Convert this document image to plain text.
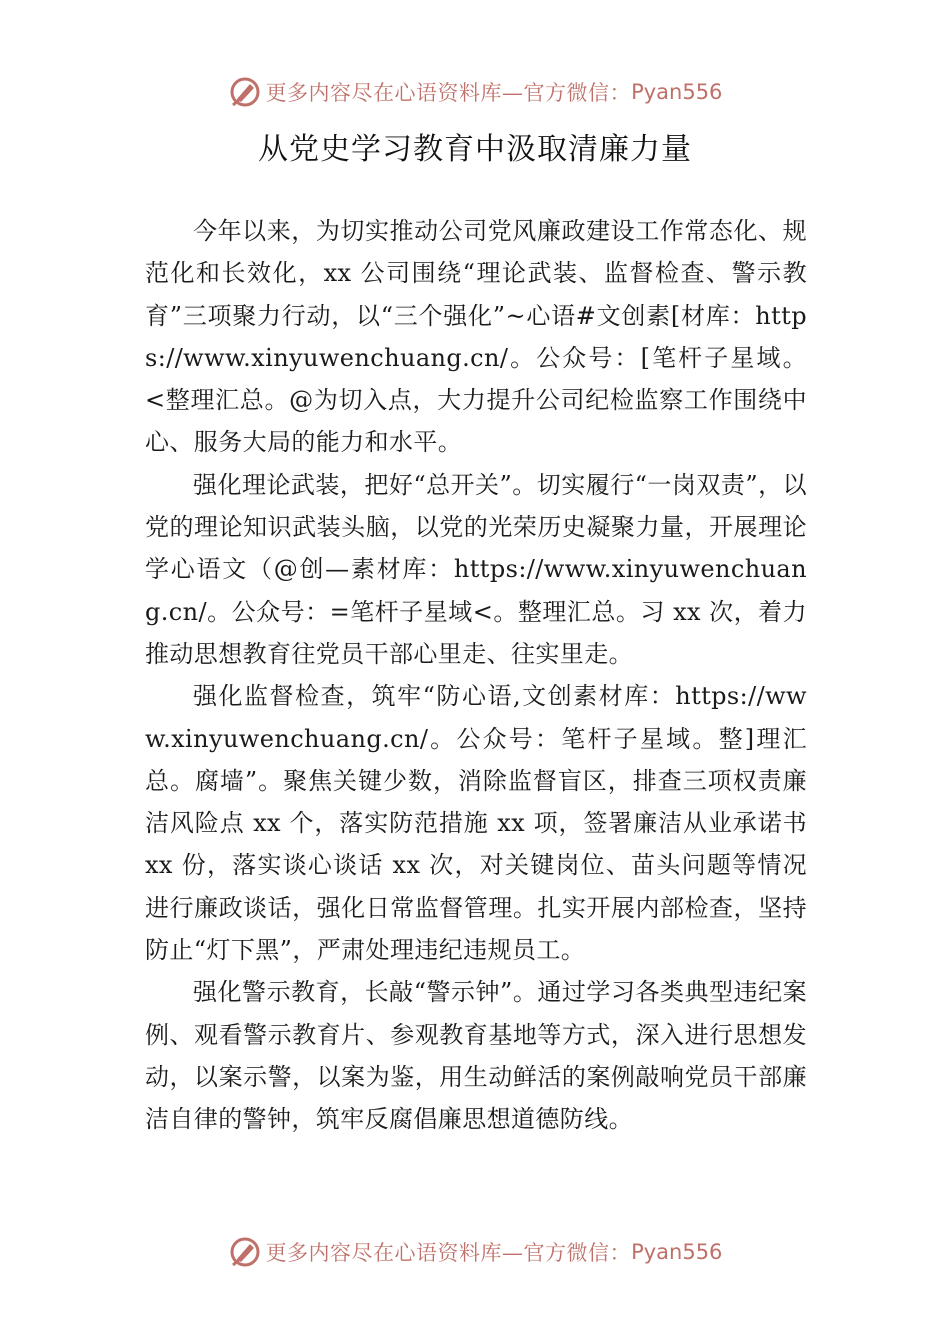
更多内容尽在心语资料库—官方微信： Pyan556
从党史学习教育中汲取清廉力量

今年以来，为切实推动公司党风廉政建设工作常态化、规范化和长效化，xx 公司围绕“理论武装、监督检查、警示教育”三项聚力行动，以“三个强化”~心语#文创素[材库：https://www.xinyuwenchuang.cn/。公众号：[笔杆子星域。<整理汇总。@为切入点，大力提升公司纪检监察工作围绕中心、服务大局的能力和水平。

强化理论武装，把好“总开关”。切实履行“一岗双责”，以党的理论知识武装头脑，以党的光荣历史凝聚力量，开展理论学心语文（@创—素材库：https://www.xinyuwenchuang.cn/。公众号：=笔杆子星域<。整理汇总。习 xx 次，着力推动思想教育往党员干部心里走、往实里走。

强化监督检查，筑牢“防心语,文创素材库：https://www.xinyuwenchuang.cn/。公众号：笔杆子星域。整]理汇总。腐墙”。聚焦关键少数，消除监督盲区，排查三项权责廉洁风险点 xx 个，落实防范措施 xx 项，签署廉洁从业承诺书 xx 份，落实谈心谈话 xx 次，对关键岗位、苗头问题等情况进行廉政谈话，强化日常监督管理。扎实开展内部检查，坚持防止“灯下黑”，严肃处理违纪违规员工。

强化警示教育，长敲“警示钟”。通过学习各类典型违纪案例、观看警示教育片、参观教育基地等方式，深入进行思想发动，以案示警，以案为鉴，用生动鲜活的案例敲响党员干部廉洁自律的警钟，筑牢反腐倡廉思想道德防线。

更多内容尽在心语资料库—官方微信： Pyan556
